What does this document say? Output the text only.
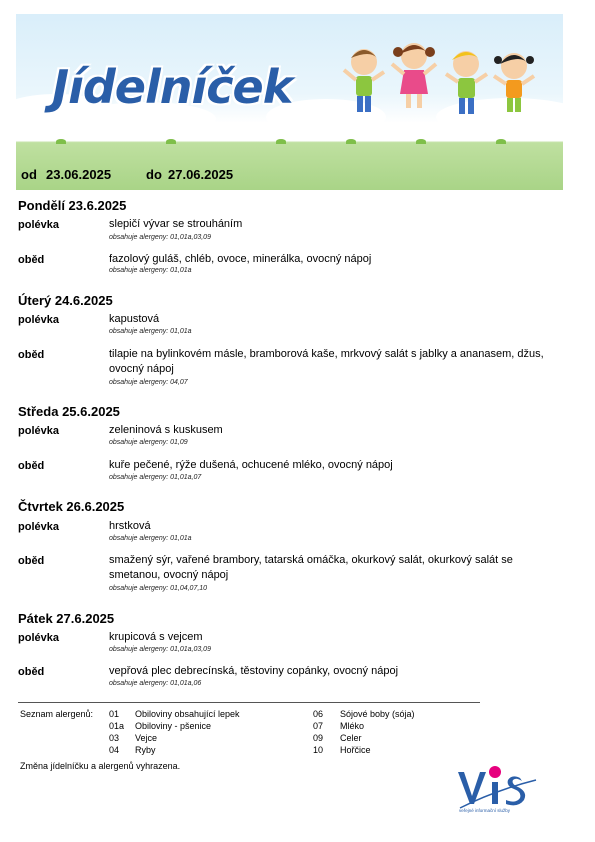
Jídelníček
od 23.06.2025	do 27.06.2025
Pondělí 23.6.2025
polévka	slepičí vývar se strouháním
obsahuje alergeny: 01,01a,03,09
oběd	fazolový guláš, chléb, ovoce, minerálka, ovocný nápoj
obsahuje alergeny: 01,01a
Úterý 24.6.2025
polévka	kapustová
obsahuje alergeny: 01,01a
oběd	tilapie na bylinkovém másle, bramborová kaše, mrkvový salát s jablky a ananasem, džus, ovocný nápoj
obsahuje alergeny: 04,07
Středa 25.6.2025
polévka	zeleninová s kuskusem
obsahuje alergeny: 01,09
oběd	kuře pečené, rýže dušená, ochucené mléko, ovocný nápoj
obsahuje alergeny: 01,01a,07
Čtvrtek 26.6.2025
polévka	hrstková
obsahuje alergeny: 01,01a
oběd	smažený sýr, vařené brambory, tatarská omáčka, okurkový salát, okurkový salát se smetanou, ovocný nápoj
obsahuje alergeny: 01,04,07,10
Pátek 27.6.2025
polévka	krupicová s vejcem
obsahuje alergeny: 01,01a,03,09
oběd	vepřová plec debrecínská, těstoviny copánky, ovocný nápoj
obsahuje alergeny: 01,01a,06
Seznam alergenů: 01 Obiloviny obsahující lepek
01a Obiloviny - pšenice
03 Vejce
04 Ryby
06 Sójové boby (sója)
07 Mléko
09 Celer
10 Hořčice
Změna jídelníčku a alergenů vyhrazena.
veřejné informační služby
